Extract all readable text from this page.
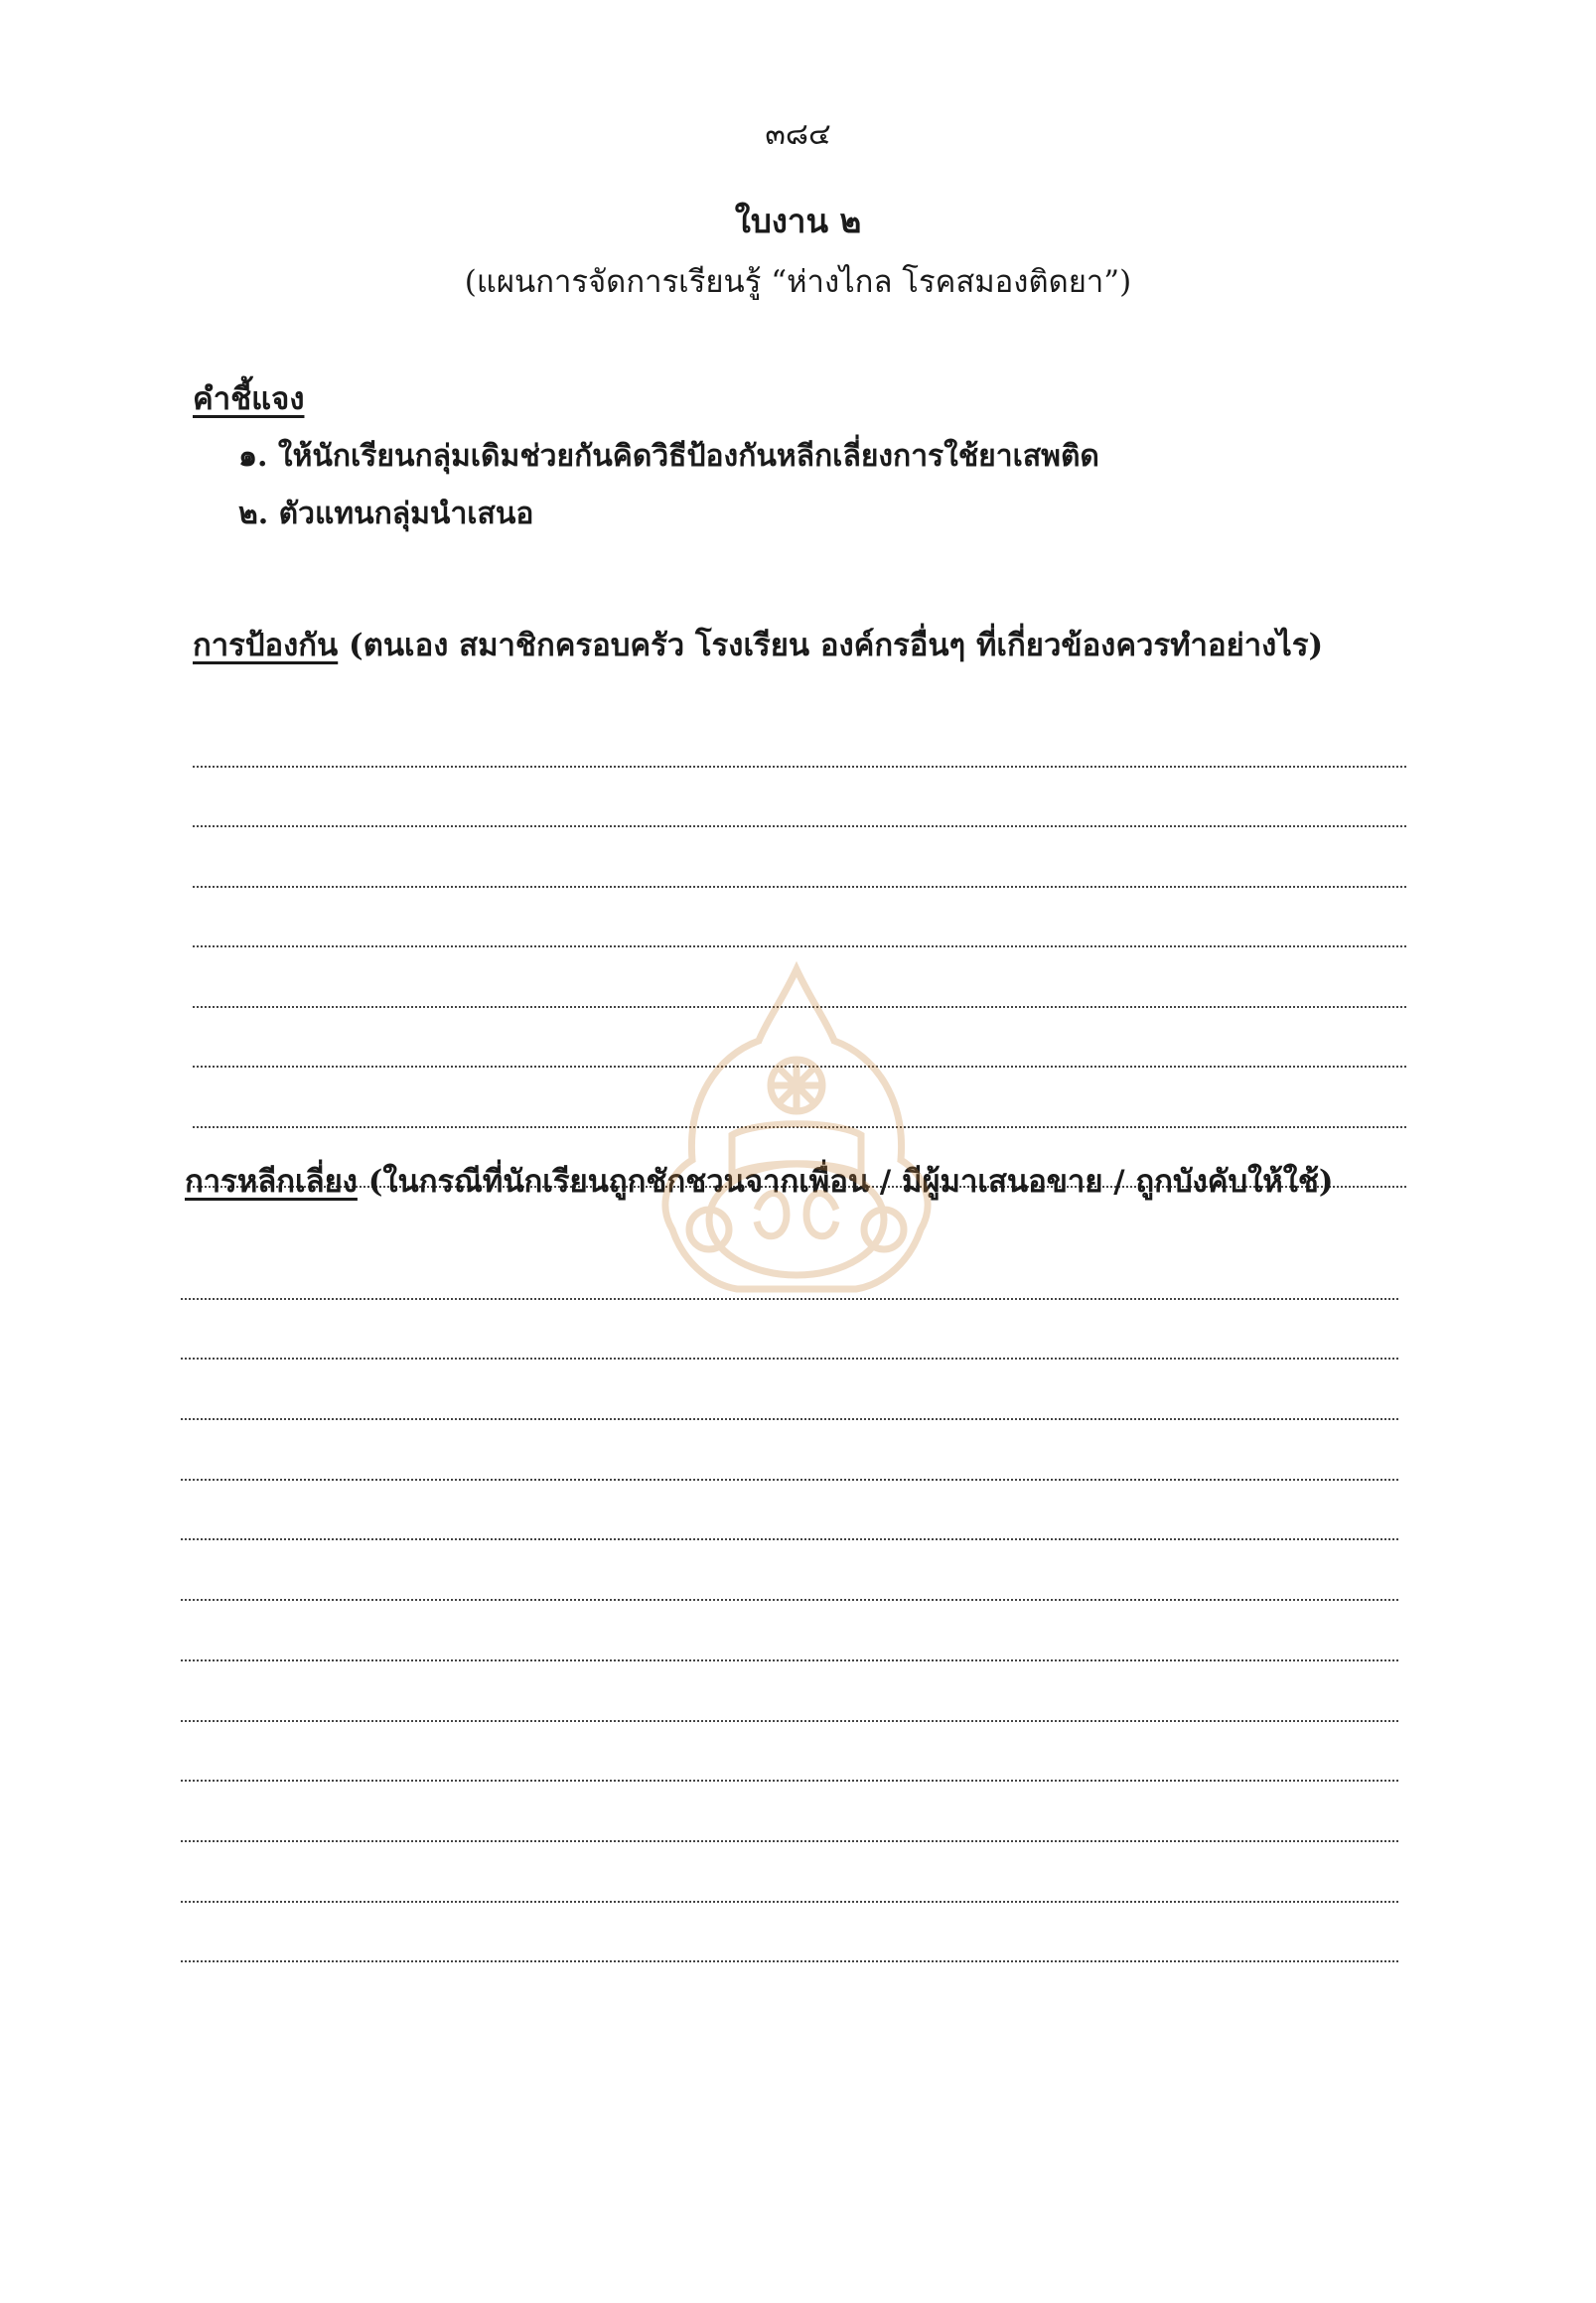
๓๘๔
ใบงาน ๒
(แผนการจัดการเรียนรู้ “ห่างไกล โรคสมองติดยา”)
คำชี้แจง
๑. ให้นักเรียนกลุ่มเดิมช่วยกันคิดวิธีป้องกันหลีกเลี่ยงการใช้ยาเสพติด
๒. ตัวแทนกลุ่มนำเสนอ
การป้องกัน (ตนเอง สมาชิกครอบครัว โรงเรียน องค์กรอื่นๆ ที่เกี่ยวข้องควรทำอย่างไร)
การหลีกเลี่ยง (ในกรณีที่นักเรียนถูกชักชวนจากเพื่อน / มีผู้มาเสนอขาย / ถูกบังคับให้ใช้)
